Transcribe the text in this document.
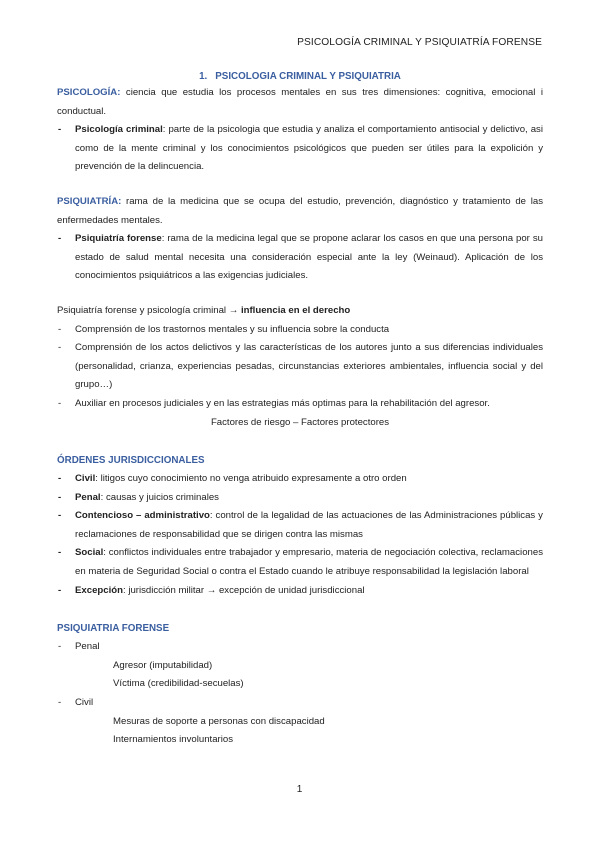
PSICOLOGÍA CRIMINAL Y PSIQUIATRÍA FORENSE
1. PSICOLOGIA CRIMINAL Y PSIQUIATRIA

PSICOLOGÍA: ciencia que estudia los procesos mentales en sus tres dimensiones: cognitiva, emocional i conductual.

- Psicología criminal: parte de la psicologia que estudia y analiza el comportamiento antisocial y delictivo, asi como de la mente criminal y los conocimientos psicológicos que pueden ser útiles para la expolición y prevención de la delincuencia.

PSIQUIATRÍA: rama de la medicina que se ocupa del estudio, prevención, diagnóstico y tratamiento de las enfermedades mentales.

- Psiquiatría forense: rama de la medicina legal que se propone aclarar los casos en que una persona por su estado de salud mental necesita una consideración especial ante la ley (Weinaud). Aplicación de los conocimientos psiquiátricos a las exigencias judiciales.

Psiquiatría forense y psicología criminal → influencia en el derecho

- Comprensión de los trastornos mentales y su influencia sobre la conducta
- Comprensión de los actos delictivos y las características de los autores junto a sus diferencias individuales (personalidad, crianza, experiencias pesadas, circunstancias exteriores ambientales, influencia social y del grupo…)
- Auxiliar en procesos judiciales y en las estrategias más optimas para la rehabilitación del agresor.

Factores de riesgo – Factores protectores

ÓRDENES JURISDICCIONALES
- Civil: litigos cuyo conocimiento no venga atribuido expresamente a otro orden
- Penal: causas y juicios criminales
- Contencioso – administrativo: control de la legalidad de las actuaciones de las Administraciones públicas y reclamaciones de responsabilidad que se dirigen contra las mismas
- Social: conflictos individuales entre trabajador y empresario, materia de negociación colectiva, reclamaciones en materia de Seguridad Social o contra el Estado cuando le atribuye responsabilidad la legislación laboral
- Excepción: jurisdicción militar → excepción de unidad jurisdiccional
PSIQUIATRIA FORENSE
- Penal
Agresor (imputabilidad)
Víctima (credibilidad-secuelas)
- Civil
Mesuras de soporte a personas con discapacidad
Internamientos involuntarios
1
